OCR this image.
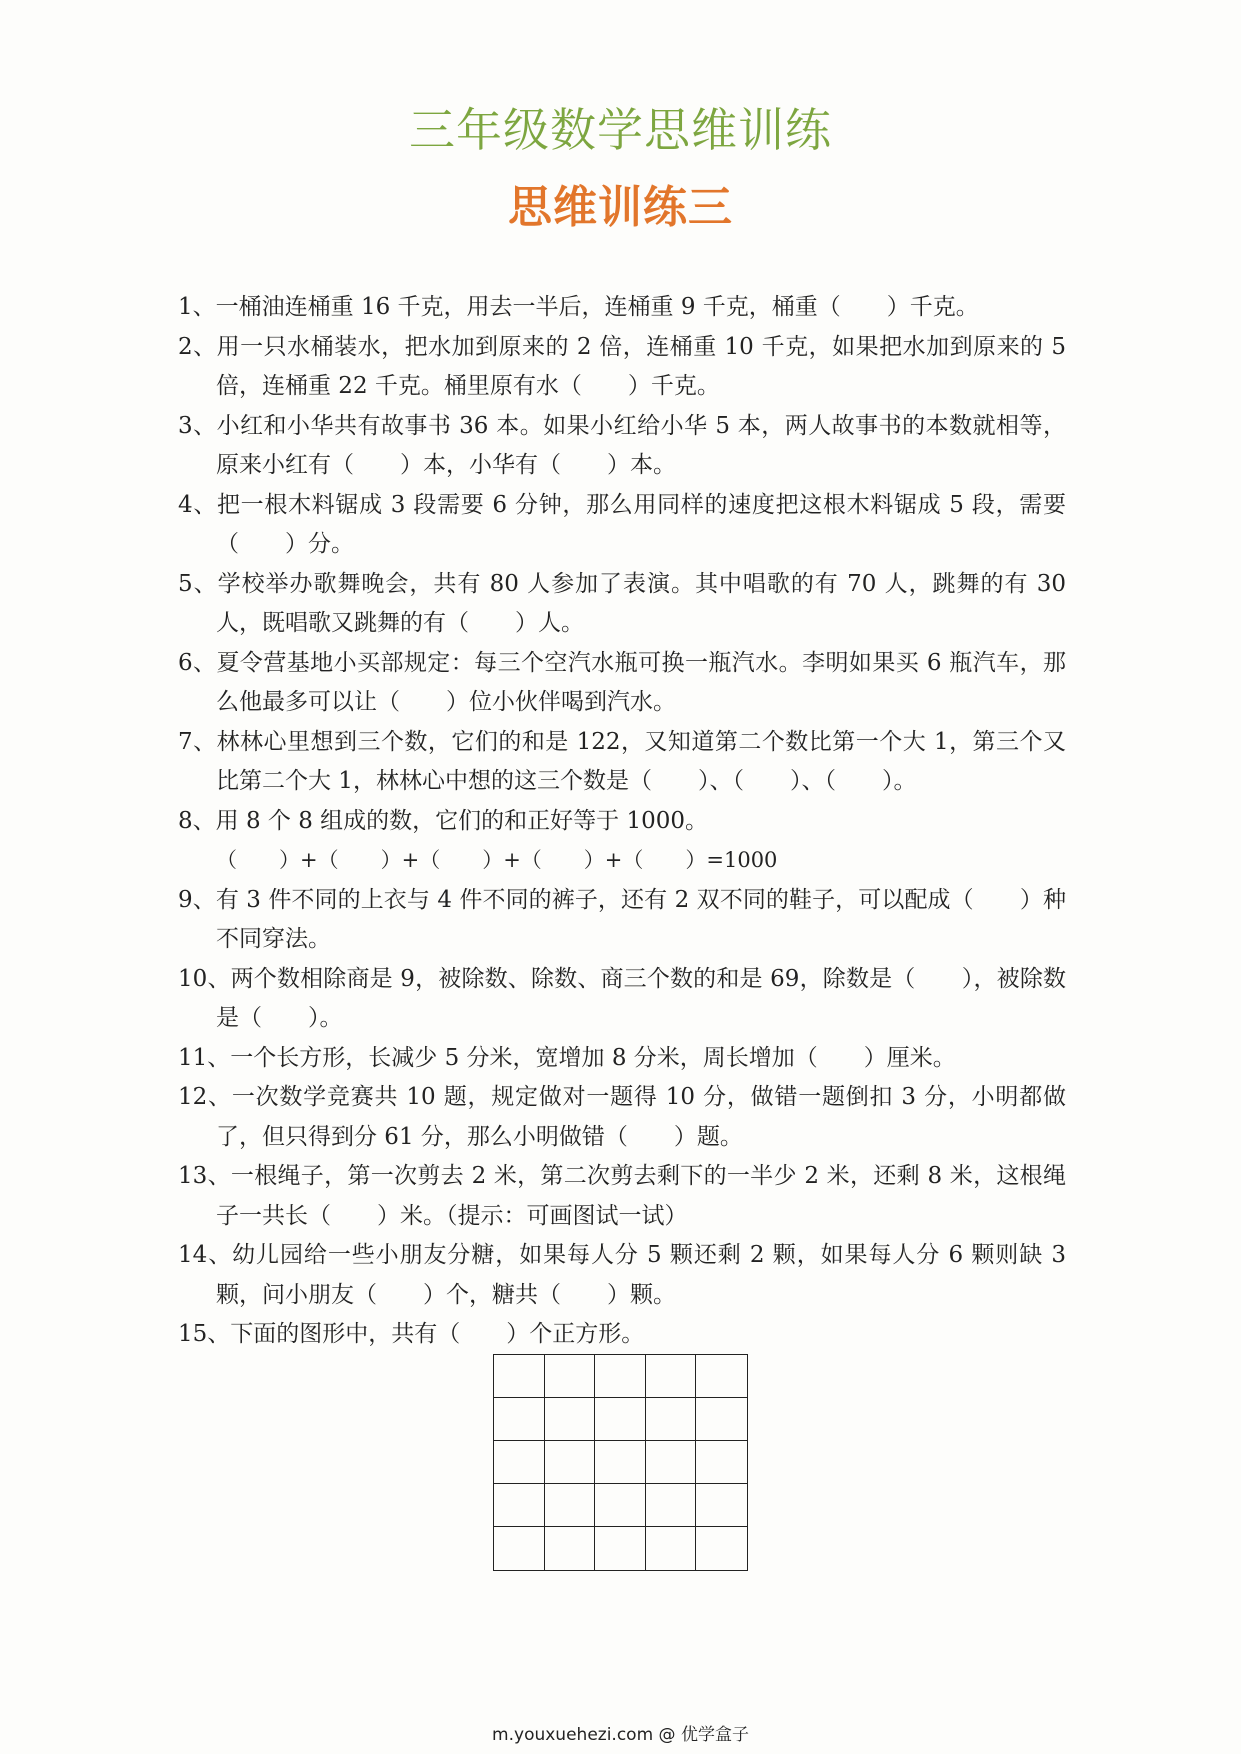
三年级数学思维训练
思维训练三

1、一桶油连桶重 16 千克，用去一半后，连桶重 9 千克，桶重（　　）千克。

2、用一只水桶装水，把水加到原来的 2 倍，连桶重 10 千克，如果把水加到原来的 5 倍，连桶重 22 千克。桶里原有水（　　）千克。

3、小红和小华共有故事书 36 本。如果小红给小华 5 本，两人故事书的本数就相等，原来小红有（　　）本，小华有（　　）本。

4、把一根木料锯成 3 段需要 6 分钟，那么用同样的速度把这根木料锯成 5 段，需要（　　）分。

5、学校举办歌舞晚会，共有 80 人参加了表演。其中唱歌的有 70 人，跳舞的有 30 人，既唱歌又跳舞的有（　　）人。

6、夏令营基地小买部规定：每三个空汽水瓶可换一瓶汽水。李明如果买 6 瓶汽车，那么他最多可以让（　　）位小伙伴喝到汽水。

7、林林心里想到三个数，它们的和是 122，又知道第二个数比第一个大 1，第三个又比第二个大 1，林林心中想的这三个数是（　　）、（　　）、（　　）。

8、用 8 个 8 组成的数，它们的和正好等于 1000。

（　　）+（　　）+（　　）+（　　）+（　　）=1000

9、有 3 件不同的上衣与 4 件不同的裤子，还有 2 双不同的鞋子，可以配成（　　）种不同穿法。

10、两个数相除商是 9，被除数、除数、商三个数的和是 69，除数是（　　），被除数是（　　）。

11、一个长方形，长减少 5 分米，宽增加 8 分米，周长增加（　　）厘米。

12、一次数学竞赛共 10 题，规定做对一题得 10 分，做错一题倒扣 3 分，小明都做了，但只得到分 61 分，那么小明做错（　　）题。

13、一根绳子，第一次剪去 2 米，第二次剪去剩下的一半少 2 米，还剩 8 米，这根绳子一共长（　　）米。（提示：可画图试一试）

14、幼儿园给一些小朋友分糖，如果每人分 5 颗还剩 2 颗，如果每人分 6 颗则缺 3 颗，问小朋友（　　）个，糖共（　　）颗。

15、下面的图形中，共有（　　）个正方形。

m.youxuehezi.com @ 优学盒子
